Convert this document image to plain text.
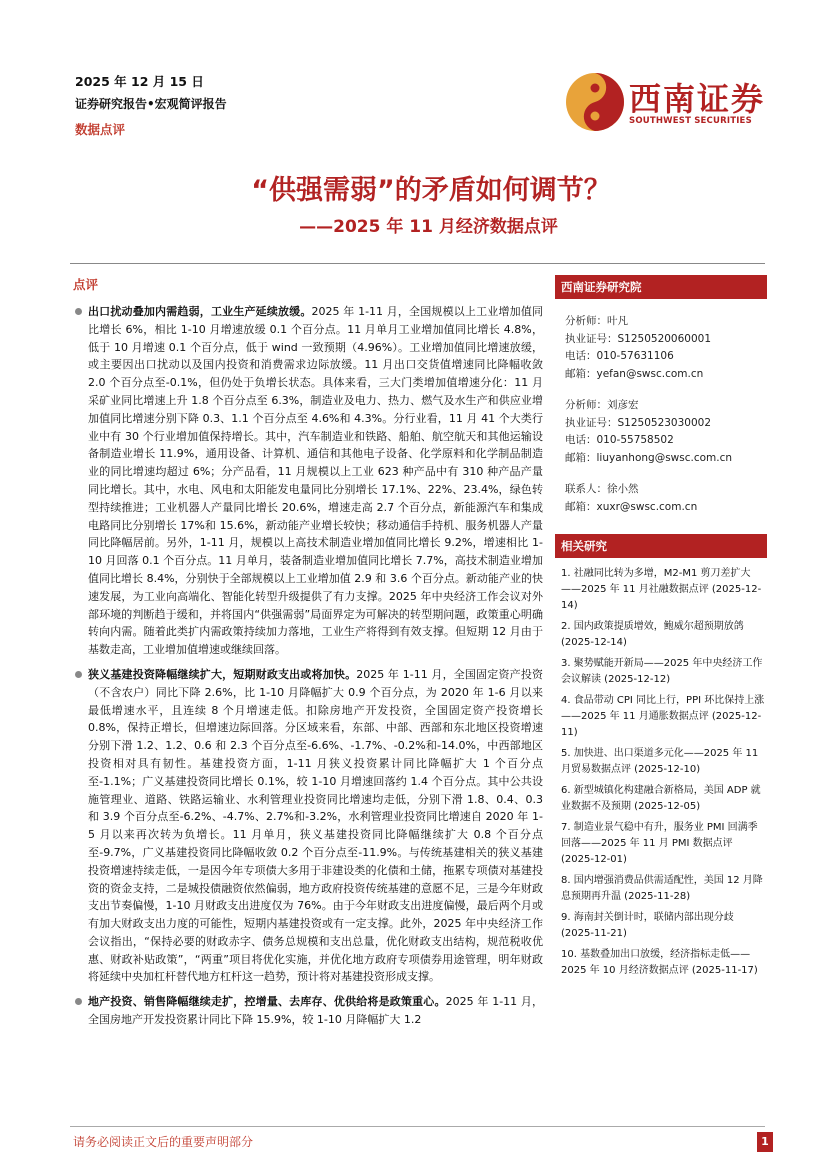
2025 年 12 月 15 日
证券研究报告•宏观简评报告
数据点评
西南证券
SOUTHWEST SECURITIES
“供强需弱”的矛盾如何调节？
——2025 年 11 月经济数据点评
点评
出口扰动叠加内需趋弱，工业生产延续放缓。2025 年 1-11 月，全国规模以上工业增加值同比增长 6%，相比 1-10 月增速放缓 0.1 个百分点。11 月单月工业增加值同比增长 4.8%，低于 10 月增速 0.1 个百分点，低于 wind 一致预期（4.96%）。工业增加值同比增速放缓，或主要因出口扰动以及国内投资和消费需求边际放缓。11 月出口交货值增速同比降幅收敛 2.0 个百分点至-0.1%，但仍处于负增长状态。具体来看，三大门类增加值增速分化：11 月采矿业同比增速上升 1.8 个百分点至 6.3%，制造业及电力、热力、燃气及水生产和供应业增加值同比增速分别下降 0.3、1.1 个百分点至 4.6%和 4.3%。分行业看，11 月 41 个大类行业中有 30 个行业增加值保持增长。其中，汽车制造业和铁路、船舶、航空航天和其他运输设备制造业增长 11.9%，通用设备、计算机、通信和其他电子设备、化学原料和化学制品制造业的同比增速均超过 6%；分产品看，11 月规模以上工业 623 种产品中有 310 种产品产量同比增长。其中，水电、风电和太阳能发电量同比分别增长 17.1%、22%、23.4%，绿色转型持续推进；工业机器人产量同比增长 20.6%，增速走高 2.7 个百分点，新能源汽车和集成电路同比分别增长 17%和 15.6%，新动能产业增长较快；移动通信手持机、服务机器人产量同比降幅居前。另外，1-11 月，规模以上高技术制造业增加值同比增长 9.2%，增速相比 1-10 月回落 0.1 个百分点。11 月单月，装备制造业增加值同比增长 7.7%，高技术制造业增加值同比增长 8.4%，分别快于全部规模以上工业增加值 2.9 和 3.6 个百分点。新动能产业的快速发展，为工业向高端化、智能化转型升级提供了有力支撑。2025 年中央经济工作会议对外部环境的判断趋于缓和，并将国内“供强需弱”局面界定为可解决的转型期问题，政策重心明确转向内需。随着此类扩内需政策持续加力落地，工业生产将得到有效支撑。但短期 12 月由于基数走高，工业增加值增速或继续回落。
狭义基建投资降幅继续扩大，短期财政支出或将加快。2025 年 1-11 月，全国固定资产投资（不含农户）同比下降 2.6%，比 1-10 月降幅扩大 0.9 个百分点，为 2020 年 1-6 月以来最低增速水平，且连续 8 个月增速走低。扣除房地产开发投资，全国固定资产投资增长 0.8%，保持正增长，但增速边际回落。分区域来看，东部、中部、西部和东北地区投资增速分别下滑 1.2、1.2、0.6 和 2.3 个百分点至-6.6%、-1.7%、-0.2%和-14.0%，中西部地区投资相对具有韧性。基建投资方面，1-11 月狭义投资累计同比降幅扩大 1 个百分点至-1.1%；广义基建投资同比增长 0.1%，较 1-10 月增速回落约 1.4 个百分点。其中公共设施管理业、道路、铁路运输业、水利管理业投资同比增速均走低，分别下滑 1.8、0.4、0.3 和 3.9 个百分点至-6.2%、-4.7%、2.7%和-3.2%，水利管理业投资同比增速自 2020 年 1-5 月以来再次转为负增长。11 月单月，狭义基建投资同比降幅继续扩大 0.8 个百分点至-9.7%，广义基建投资同比降幅收敛 0.2 个百分点至-11.9%。与传统基建相关的狭义基建投资增速持续走低，一是因今年专项债大多用于非建设类的化债和土储，拖累专项债对基建投资的资金支持，二是城投债融资依然偏弱，地方政府投资传统基建的意愿不足，三是今年财政支出节奏偏慢，1-10 月财政支出进度仅为 76%。由于今年财政支出进度偏慢，最后两个月或有加大财政支出力度的可能性，短期内基建投资或有一定支撑。此外，2025 年中央经济工作会议指出，“保持必要的财政赤字、债务总规模和支出总量，优化财政支出结构，规范税收优惠、财政补贴政策”，“两重”项目将优化实施，并优化地方政府专项债券用途管理，明年财政将延续中央加杠杆替代地方杠杆这一趋势，预计将对基建投资形成支撑。
地产投资、销售降幅继续走扩，控增量、去库存、优供给将是政策重心。2025 年 1-11 月，全国房地产开发投资累计同比下降 15.9%，较 1-10 月降幅扩大 1.2
西南证券研究院
分析师：叶凡
执业证号：S1250520060001
电话：010-57631106
邮箱：yefan@swsc.com.cn
分析师：刘彦宏
执业证号：S1250523030002
电话：010-55758502
邮箱：liuyanhong@swsc.com.cn
联系人：徐小然
邮箱：xuxr@swsc.com.cn
相关研究
1. 社融同比转为多增，M2-M1 剪刀差扩大——2025 年 11 月社融数据点评 (2025-12-14)
2. 国内政策提质增效，鲍威尔超预期放鸽 (2025-12-14)
3. 聚势赋能开新局——2025 年中央经济工作会议解读 (2025-12-12)
4. 食品带动 CPI 同比上行，PPI 环比保持上涨——2025 年 11 月通胀数据点评 (2025-12-11)
5. 加快进、出口渠道多元化——2025 年 11 月贸易数据点评 (2025-12-10)
6. 新型城镇化构建融合新格局，美国 ADP 就业数据不及预期 (2025-12-05)
7. 制造业景气稳中有升，服务业 PMI 回满季回落——2025 年 11 月 PMI 数据点评 (2025-12-01)
8. 国内增强消费品供需适配性，美国 12 月降息预期再升温 (2025-11-28)
9. 海南封关倒计时，联储内部出现分歧 (2025-11-21)
10. 基数叠加出口放缓，经济指标走低——2025 年 10 月经济数据点评 (2025-11-17)
请务必阅读正文后的重要声明部分	1
